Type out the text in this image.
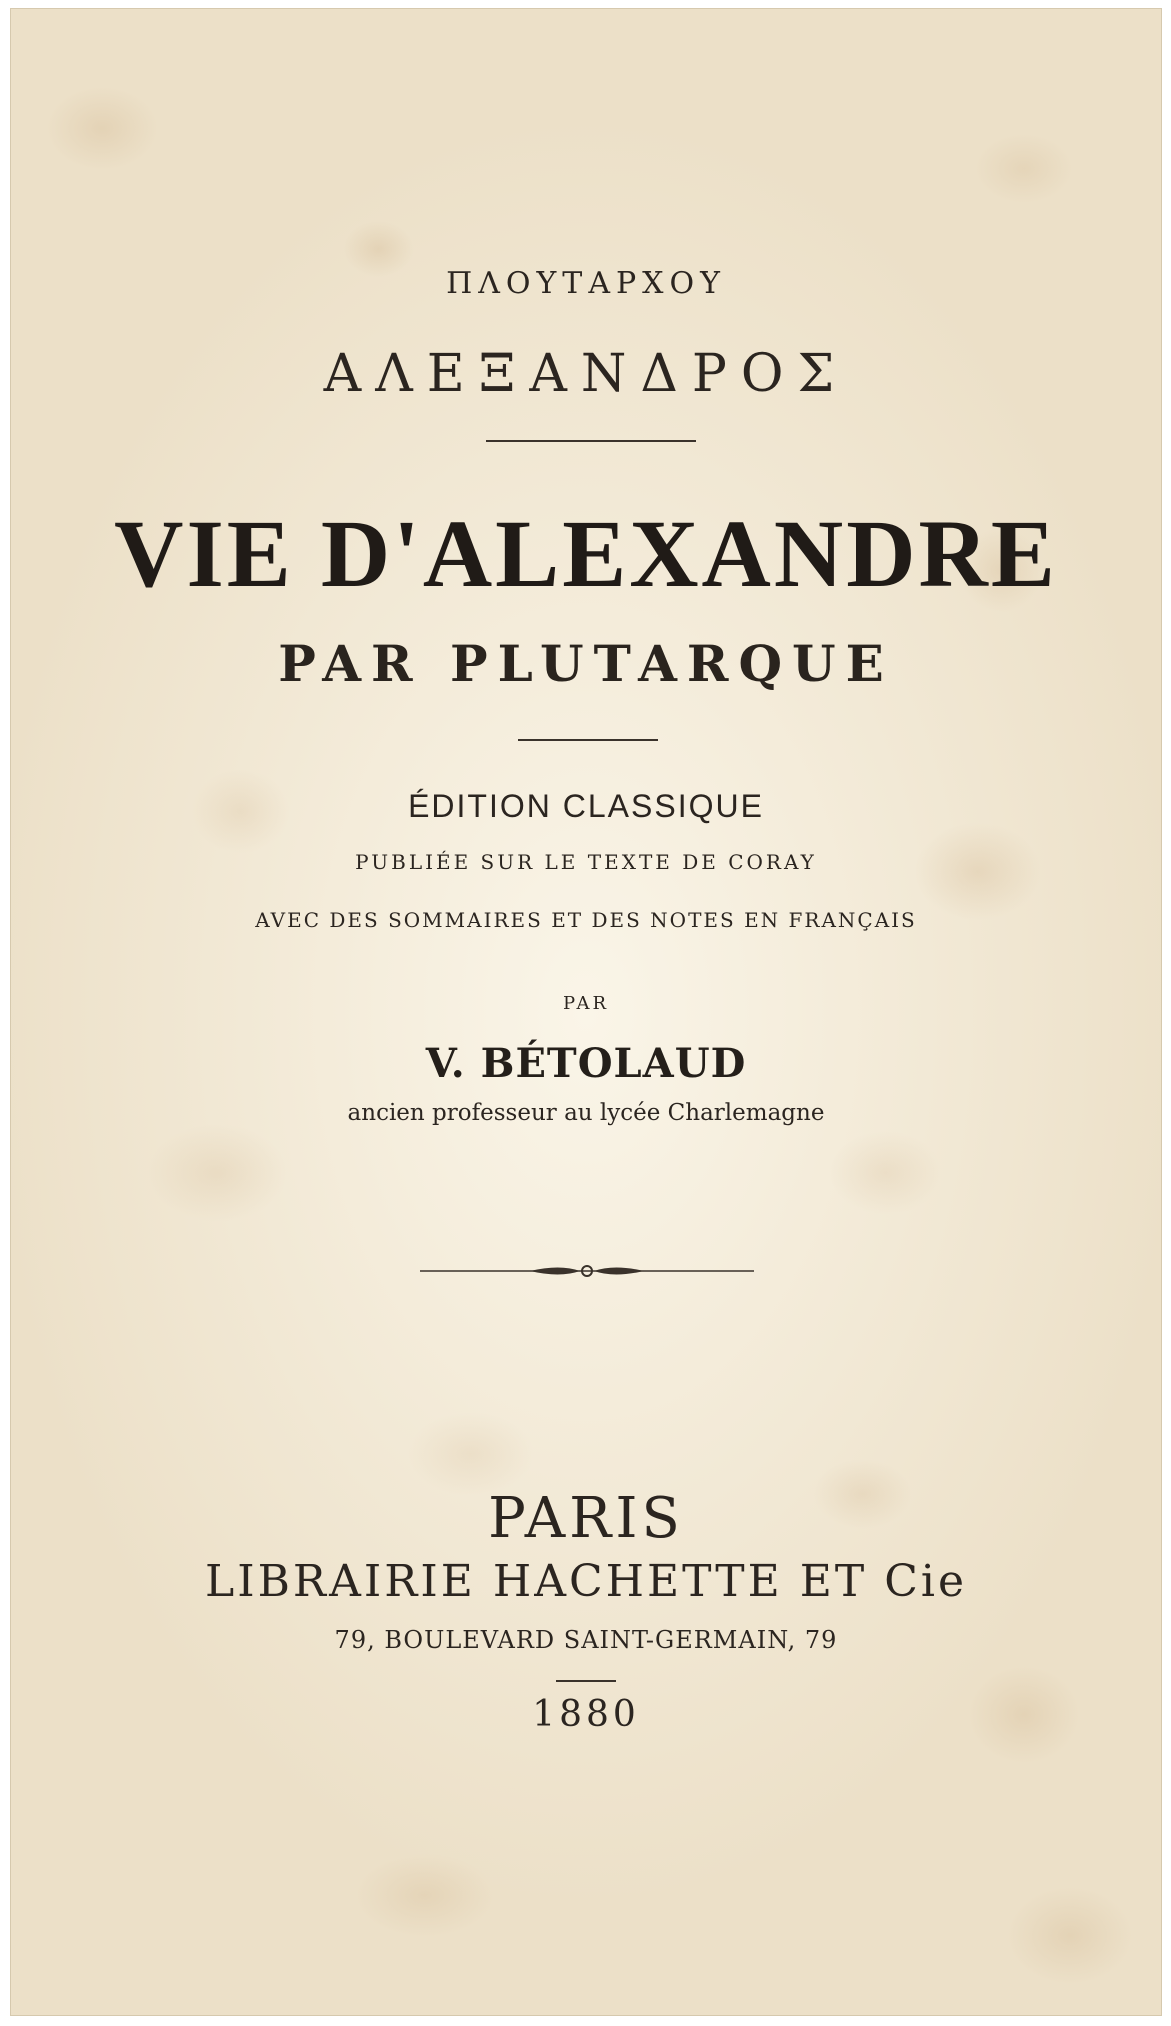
ΠΛΟΥΤΑΡΧΟΥ

ΑΛΕΞΑΝΔΡΟΣ

VIE D'ALEXANDRE

PAR PLUTARQUE

ÉDITION CLASSIQUE

PUBLIÉE SUR LE TEXTE DE CORAY

AVEC DES SOMMAIRES ET DES NOTES EN FRANÇAIS

PAR

V. BÉTOLAUD

ancien professeur au lycée Charlemagne

PARIS

LIBRAIRIE HACHETTE ET Cie

79, BOULEVARD SAINT-GERMAIN, 79

1880
